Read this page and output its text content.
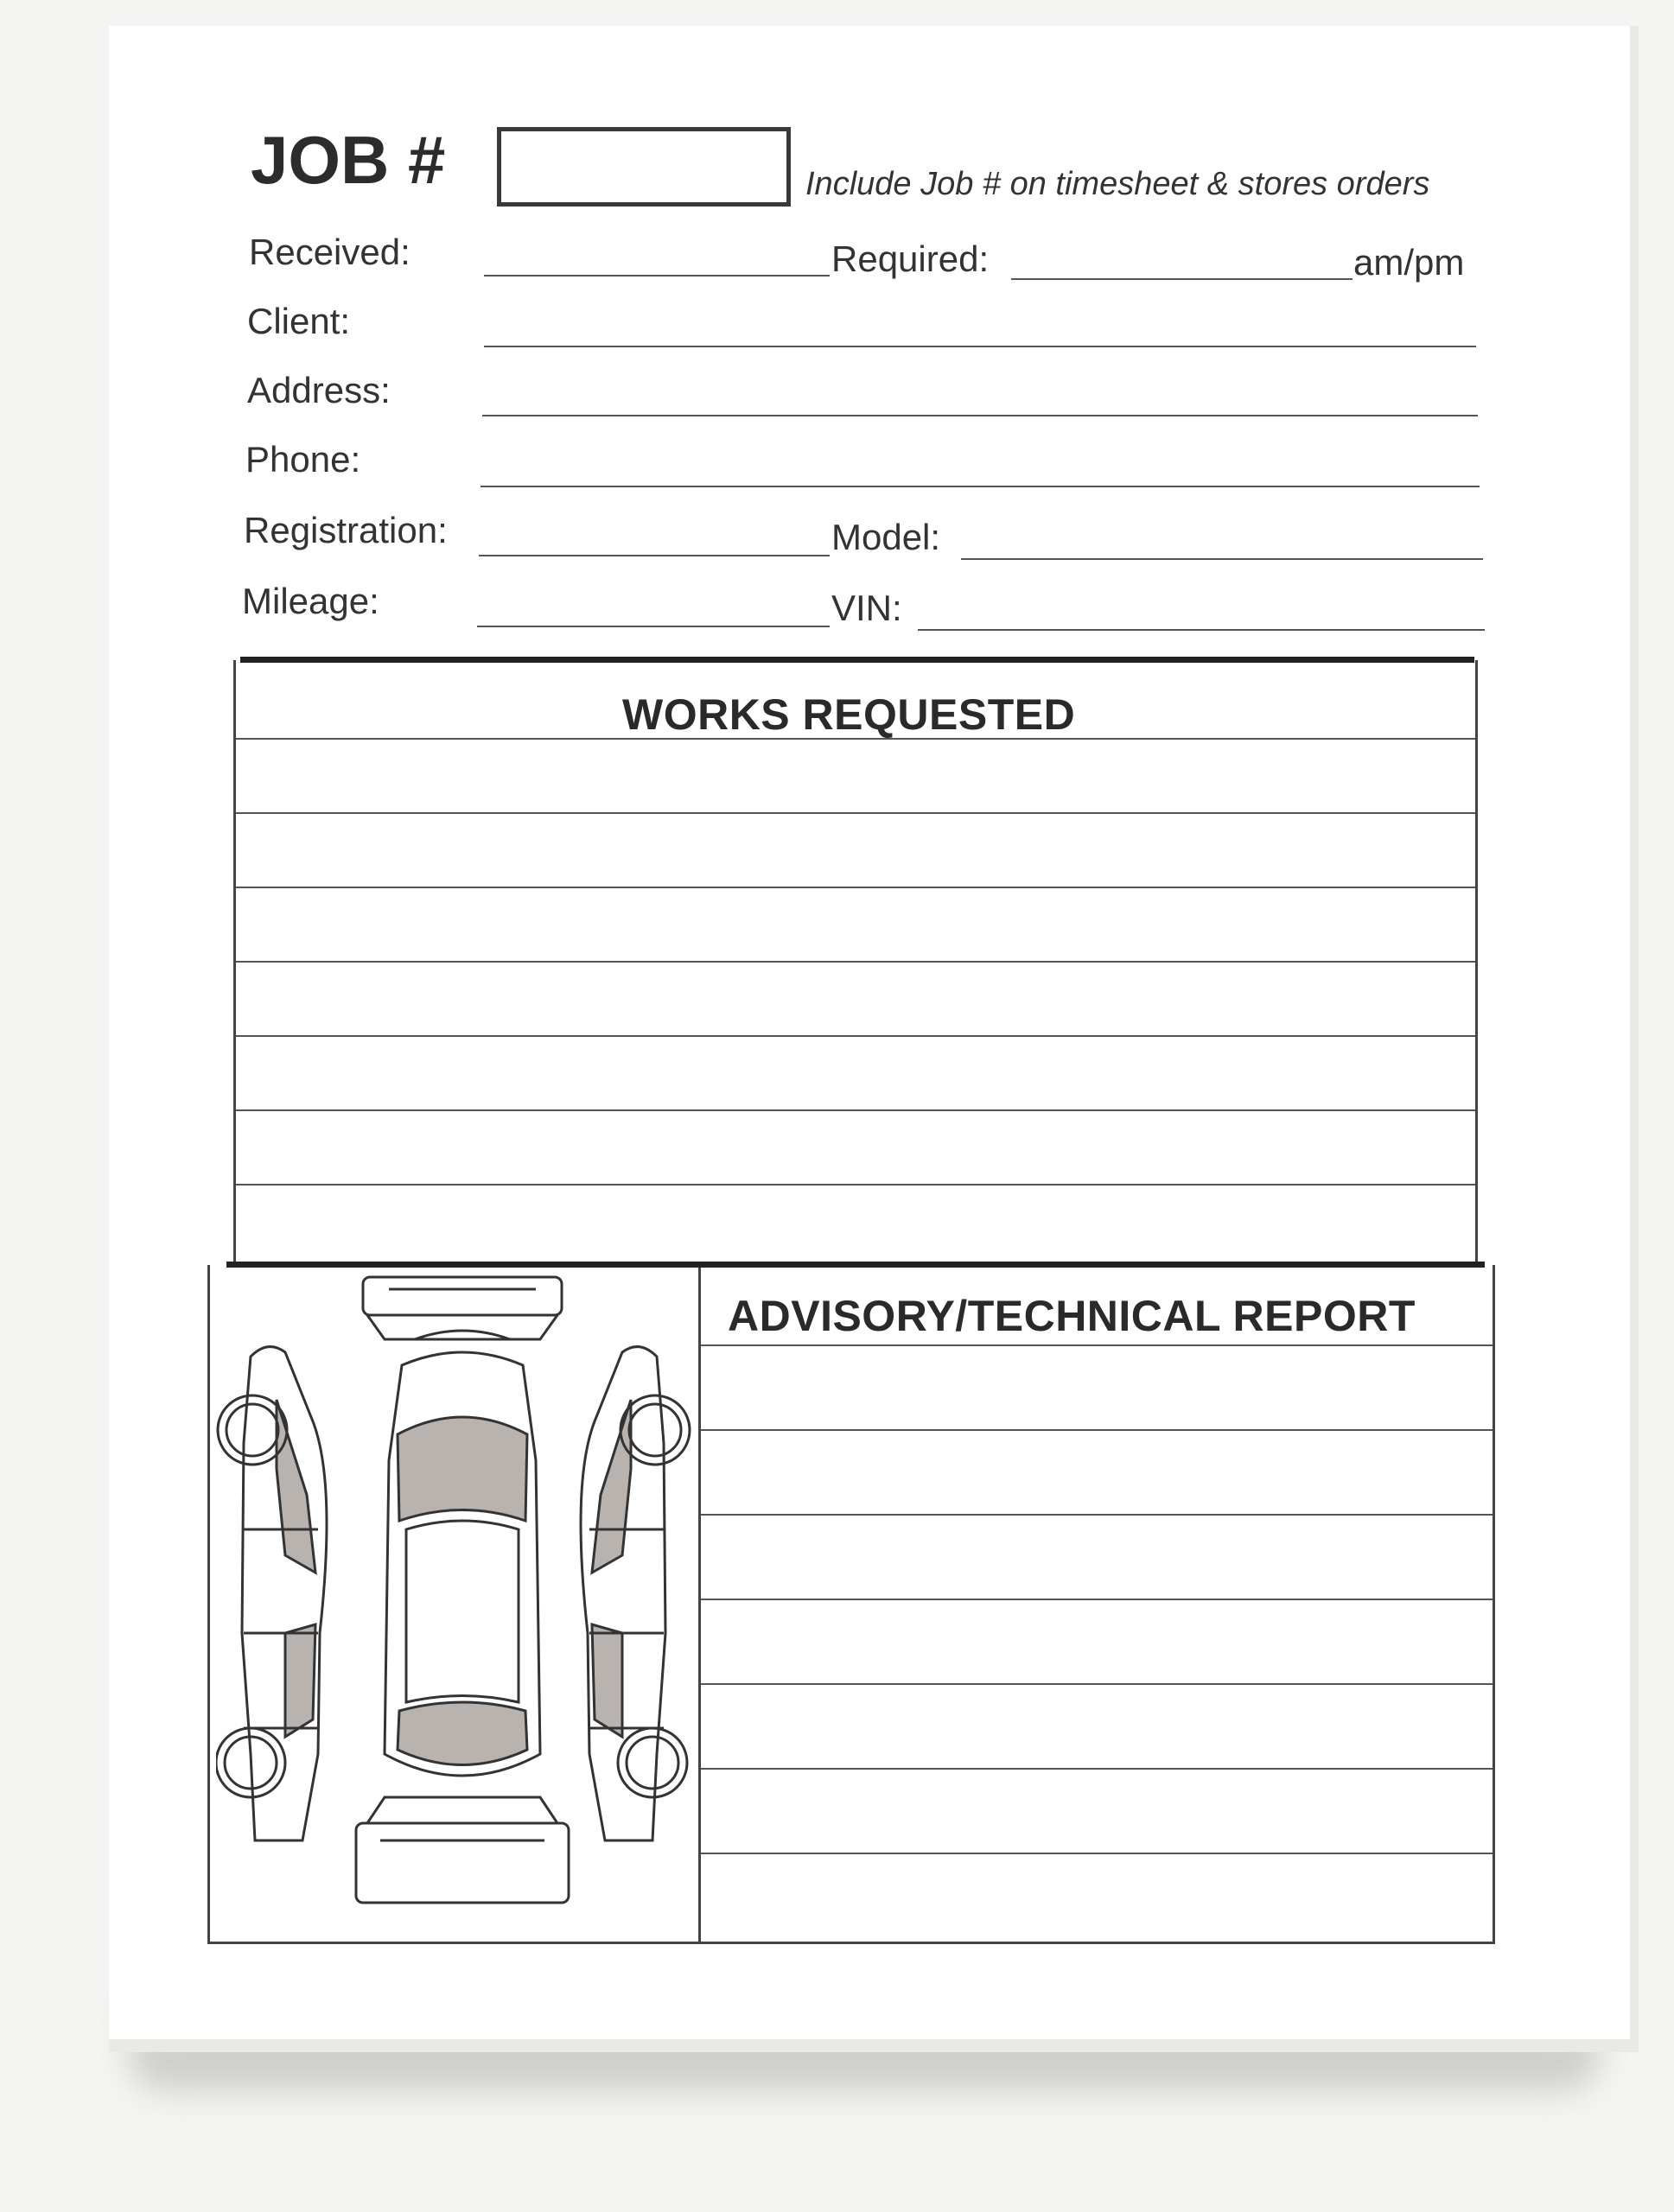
JOB #	Include Job # on timesheet & stores orders
Received:	Required:	am/pm
Client:
Address:
Phone:
Registration:	Model:
Mileage:	VIN:
WORKS REQUESTED
ADVISORY/TECHNICAL REPORT
